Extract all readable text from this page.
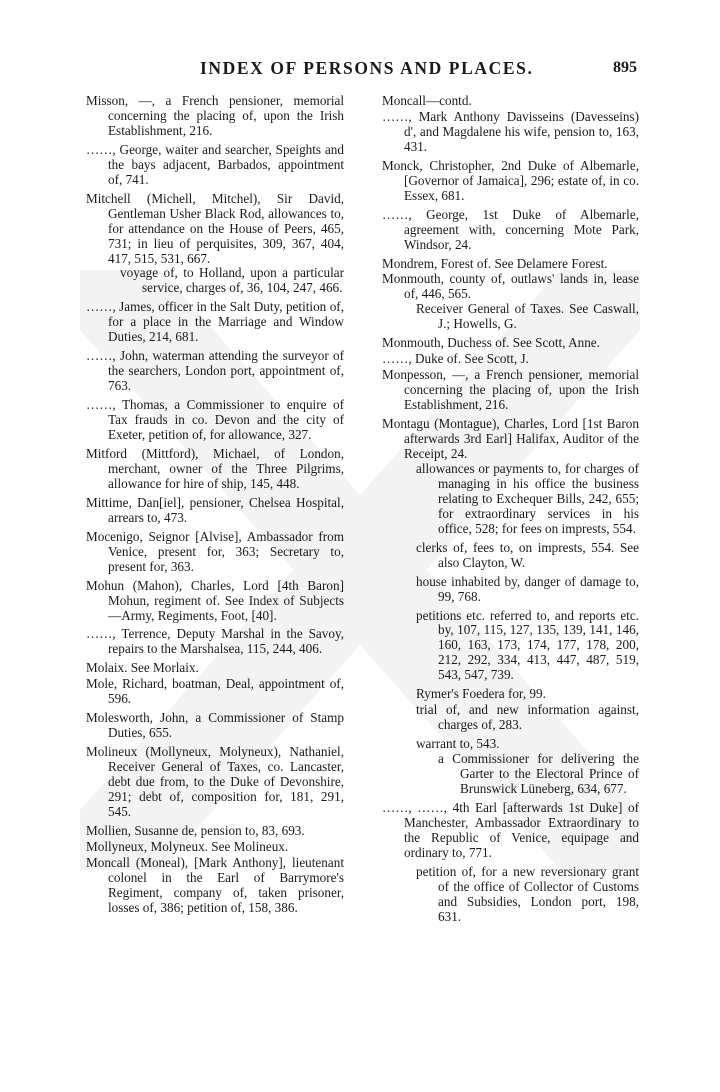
INDEX OF PERSONS AND PLACES.	895

Misson, —, a French pensioner, memorial concerning the placing of, upon the Irish Establishment, 216.

……, George, waiter and searcher, Speights and the bays adjacent, Barbados, appointment of, 741.

Mitchell (Michell, Mitchel), Sir David, Gentleman Usher Black Rod, allowances to, for attendance on the House of Peers, 465, 731; in lieu of perquisites, 309, 367, 404, 417, 515, 531, 667.

voyage of, to Holland, upon a particular service, charges of, 36, 104, 247, 466.

……, James, officer in the Salt Duty, petition of, for a place in the Marriage and Window Duties, 214, 681.

……, John, waterman attending the surveyor of the searchers, London port, appointment of, 763.

……, Thomas, a Commissioner to enquire of Tax frauds in co. Devon and the city of Exeter, petition of, for allowance, 327.

Mitford (Mittford), Michael, of London, merchant, owner of the Three Pilgrims, allowance for hire of ship, 145, 448.

Mittime, Dan[iel], pensioner, Chelsea Hospital, arrears to, 473.

Mocenigo, Seignor [Alvise], Ambassador from Venice, present for, 363; Secretary to, present for, 363.

Mohun (Mahon), Charles, Lord [4th Baron] Mohun, regiment of. See Index of Subjects—Army, Regiments, Foot, [40].

……, Terrence, Deputy Marshal in the Savoy, repairs to the Marshalsea, 115, 244, 406.

Molaix. See Morlaix.

Mole, Richard, boatman, Deal, appointment of, 596.

Molesworth, John, a Commissioner of Stamp Duties, 655.

Molineux (Mollyneux, Molyneux), Nathaniel, Receiver General of Taxes, co. Lancaster, debt due from, to the Duke of Devonshire, 291; debt of, composition for, 181, 291, 545.

Mollien, Susanne de, pension to, 83, 693.

Mollyneux, Molyneux. See Molineux.

Moncall (Moneal), [Mark Anthony], lieutenant colonel in the Earl of Barrymore's Regiment, company of, taken prisoner, losses of, 386; petition of, 158, 386.

Moncall—contd.

……, Mark Anthony Davisseins (Davesseins) d', and Magdalene his wife, pension to, 163, 431.

Monck, Christopher, 2nd Duke of Albemarle, [Governor of Jamaica], 296; estate of, in co. Essex, 681.

……, George, 1st Duke of Albemarle, agreement with, concerning Mote Park, Windsor, 24.

Mondrem, Forest of. See Delamere Forest.

Monmouth, county of, outlaws' lands in, lease of, 446, 565.

Receiver General of Taxes. See Caswall, J.; Howells, G.

Monmouth, Duchess of. See Scott, Anne.

……, Duke of. See Scott, J.

Monpesson, —, a French pensioner, memorial concerning the placing of, upon the Irish Establishment, 216.

Montagu (Montague), Charles, Lord [1st Baron afterwards 3rd Earl] Halifax, Auditor of the Receipt, 24.

allowances or payments to, for charges of managing in his office the business relating to Exchequer Bills, 242, 655; for extraordinary services in his office, 528; for fees on imprests, 554.

clerks of, fees to, on imprests, 554. See also Clayton, W.

house inhabited by, danger of damage to, 99, 768.

petitions etc. referred to, and reports etc. by, 107, 115, 127, 135, 139, 141, 146, 160, 163, 173, 174, 177, 178, 200, 212, 292, 334, 413, 447, 487, 519, 543, 547, 739.

Rymer's Foedera for, 99.

trial of, and new information against, charges of, 283.

warrant to, 543.

a Commissioner for delivering the Garter to the Electoral Prince of Brunswick Lüneberg, 634, 677.

……, ……, 4th Earl [afterwards 1st Duke] of Manchester, Ambassador Extraordinary to the Republic of Venice, equipage and ordinary to, 771.

petition of, for a new reversionary grant of the office of Collector of Customs and Subsidies, London port, 198, 631.
